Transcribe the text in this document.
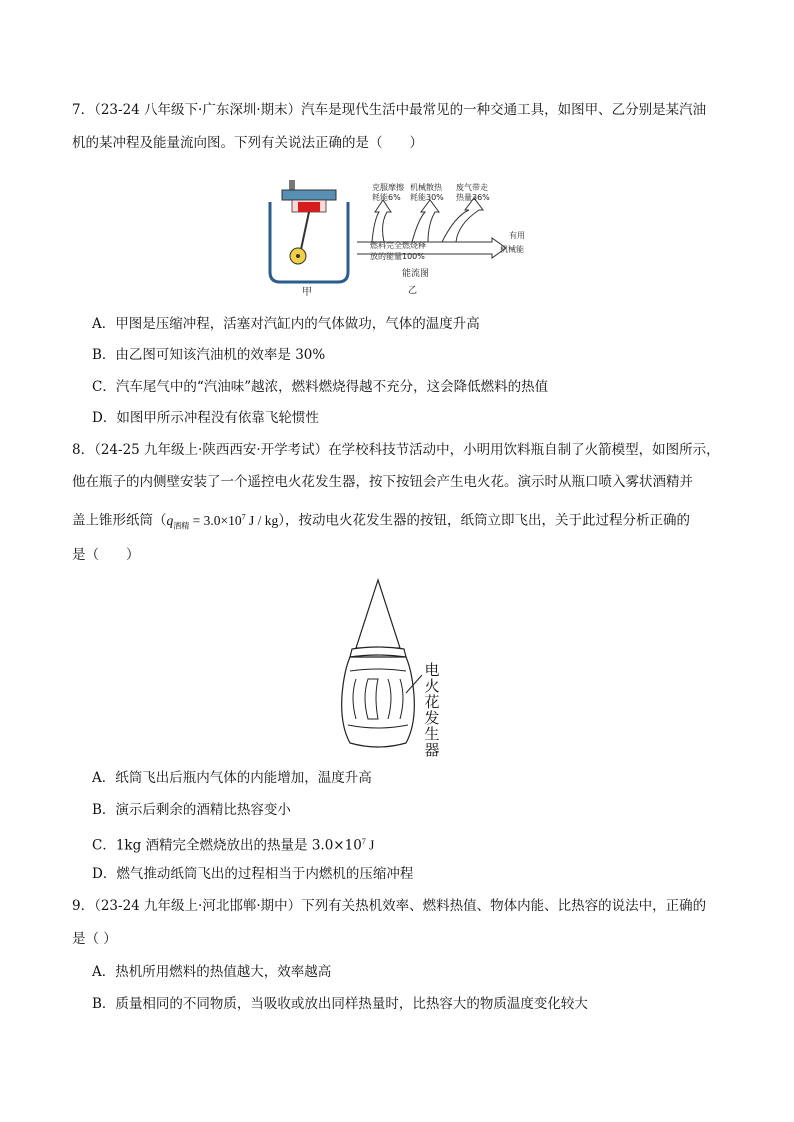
7．（23-24 八年级下·广东深圳·期末）汽车是现代生活中最常见的一种交通工具，如图甲、乙分别是某汽油
机的某冲程及能量流向图。下列有关说法正确的是（　　）
甲
克服摩擦
耗能6%
机械散热
耗能30%
废气带走
热量36%
燃料完全燃烧释
放的能量100%
有用
机械能
能流图
乙
A．甲图是压缩冲程，活塞对汽缸内的气体做功，气体的温度升高
B．由乙图可知该汽油机的效率是 30%
C．汽车尾气中的“汽油味”越浓，燃料燃烧得越不充分，这会降低燃料的热值
D．如图甲所示冲程没有依靠飞轮惯性
8．（24-25 九年级上·陕西西安·开学考试）在学校科技节活动中，小明用饮料瓶自制了火箭模型，如图所示，
他在瓶子的内侧壁安装了一个遥控电火花发生器，按下按钮会产生电火花。演示时从瓶口喷入雾状酒精并
盖上锥形纸筒（$q_{酒精} = 3.0\times 10^7$ J / kg），按动电火花发生器的按钮，纸筒立即飞出，关于此过程分析正确的
是（　　）
电
火
花
发
生
器
A．纸筒飞出后瓶内气体的内能增加，温度升高
B．演示后剩余的酒精比热容变小
C．1kg 酒精完全燃烧放出的热量是 $3.0\times 10^7$ J
D．燃气推动纸筒飞出的过程相当于内燃机的压缩冲程
9．（23-24 九年级上·河北邯郸·期中）下列有关热机效率、燃料热值、物体内能、比热容的说法中，正确的
是（ ）
A．热机所用燃料的热值越大，效率越高
B．质量相同的不同物质，当吸收或放出同样热量时，比热容大的物质温度变化较大
